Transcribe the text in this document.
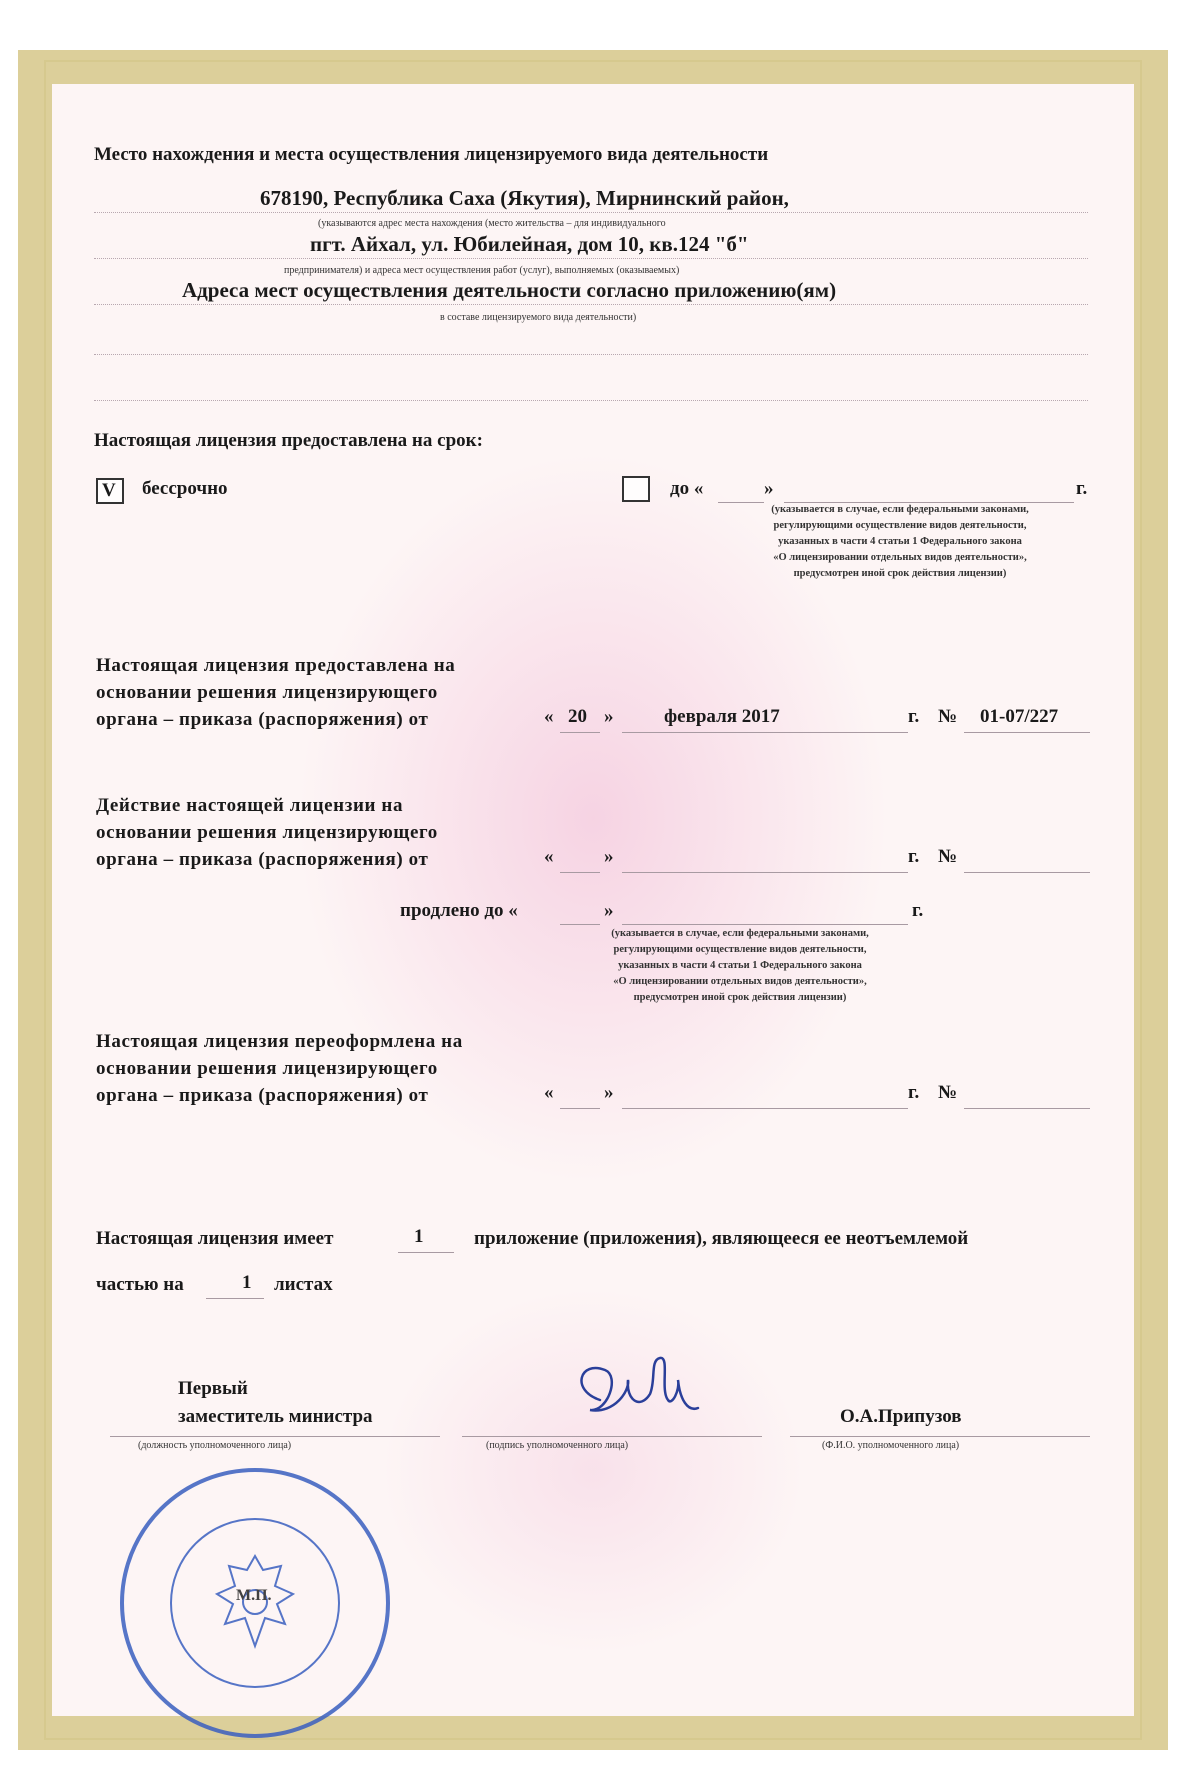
Место нахождения и места осуществления лицензируемого вида деятельности
678190, Республика Саха (Якутия), Мирнинский район,
(указываются адрес места нахождения (место жительства – для индивидуального
пгт. Айхал, ул. Юбилейная, дом 10, кв.124 "б"
предпринимателя) и адреса мест осуществления работ (услуг), выполняемых (оказываемых)
Адреса мест осуществления деятельности согласно приложению(ям)
в составе лицензируемого вида деятельности)
Настоящая лицензия предоставлена на срок:
V бессрочно	до «	»	г.
(указывается в случае, если федеральными законами,
регулирующими осуществление видов деятельности,
указанных в части 4 статьи 1 Федерального закона
«О лицензировании отдельных видов деятельности»,
предусмотрен иной срок действия лицензии)
Настоящая лицензия предоставлена на
основании решения лицензирующего
органа – приказа (распоряжения) от	« 20 »	февраля 2017	г. № 01-07/227
Действие настоящей лицензии на
основании решения лицензирующего
органа – приказа (распоряжения) от	«	»	г. №
продлено до «	»	г.
(указывается в случае, если федеральными законами,
регулирующими осуществление видов деятельности,
указанных в части 4 статьи 1 Федерального закона
«О лицензировании отдельных видов деятельности»,
предусмотрен иной срок действия лицензии)
Настоящая лицензия переоформлена на
основании решения лицензирующего
органа – приказа (распоряжения) от	«	»	г. №
Настоящая лицензия имеет	1	приложение (приложения), являющееся ее неотъемлемой
частью на	1 листах
Первый
заместитель министра
(должность уполномоченного лица)	(подпись уполномоченного лица)
О.А.Припузов
(Ф.И.О. уполномоченного лица)
М.П.
